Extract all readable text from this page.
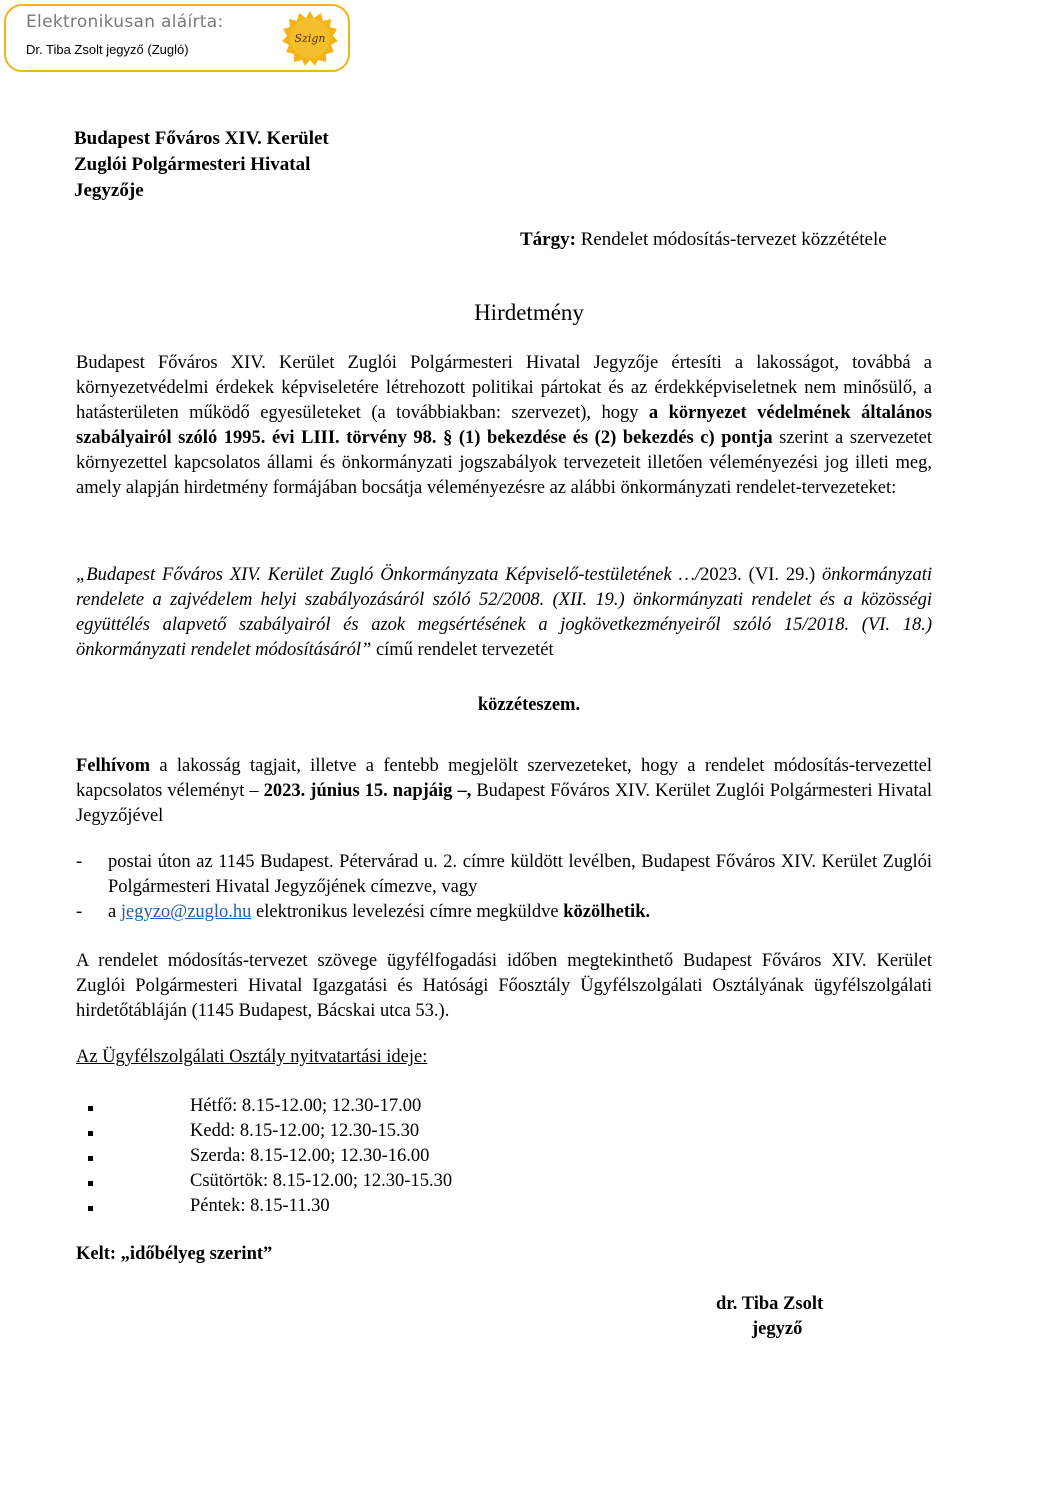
Elektronikusan aláírta:
Dr. Tiba Zsolt jegyző (Zugló)
Szign
Budapest Főváros XIV. Kerület
Zuglói Polgármesteri Hivatal
Jegyzője
Tárgy: Rendelet módosítás-tervezet közzététele
Hirdetmény
Budapest Főváros XIV. Kerület Zuglói Polgármesteri Hivatal Jegyzője értesíti a lakosságot, továbbá a környezetvédelmi érdekek képviseletére létrehozott politikai pártokat és az érdekképviseletnek nem minősülő, a hatásterületen működő egyesületeket (a továbbiakban: szervezet), hogy a környezet védelmének általános szabályairól szóló 1995. évi LIII. törvény 98. § (1) bekezdése és (2) bekezdés c) pontja szerint a szervezetet környezettel kapcsolatos állami és önkormányzati jogszabályok tervezeteit illetően véleményezési jog illeti meg, amely alapján hirdetmény formájában bocsátja véleményezésre az alábbi önkormányzati rendelet-tervezeteket:
„Budapest Főváros XIV. Kerület Zugló Önkormányzata Képviselő-testületének …/2023. (VI. 29.) önkormányzati rendelete a zajvédelem helyi szabályozásáról szóló 52/2008. (XII. 19.) önkormányzati rendelet és a közösségi együttélés alapvető szabályairól és azok megsértésének a jogkövetkezményeiről szóló 15/2018. (VI. 18.) önkormányzati rendelet módosításáról” című rendelet tervezetét
közzéteszem.
Felhívom a lakosság tagjait, illetve a fentebb megjelölt szervezeteket, hogy a rendelet módosítás-tervezettel kapcsolatos véleményt – 2023. június 15. napjáig –, Budapest Főváros XIV. Kerület Zuglói Polgármesteri Hivatal Jegyzőjével
- postai úton az 1145 Budapest. Pétervárad u. 2. címre küldött levélben, Budapest Főváros XIV. Kerület Zuglói Polgármesteri Hivatal Jegyzőjének címezve, vagy
- a jegyzo@zuglo.hu elektronikus levelezési címre megküldve közölhetik.
A rendelet módosítás-tervezet szövege ügyfélfogadási időben megtekinthető Budapest Főváros XIV. Kerület Zuglói Polgármesteri Hivatal Igazgatási és Hatósági Főosztály Ügyfélszolgálati Osztályának ügyfélszolgálati hirdetőtábláján (1145 Budapest, Bácskai utca 53.).
Az Ügyfélszolgálati Osztály nyitvatartási ideje:
Hétfő: 8.15-12.00; 12.30-17.00
Kedd: 8.15-12.00; 12.30-15.30
Szerda: 8.15-12.00; 12.30-16.00
Csütörtök: 8.15-12.00; 12.30-15.30
Péntek: 8.15-11.30
Kelt: „időbélyeg szerint”
dr. Tiba Zsolt
jegyző
